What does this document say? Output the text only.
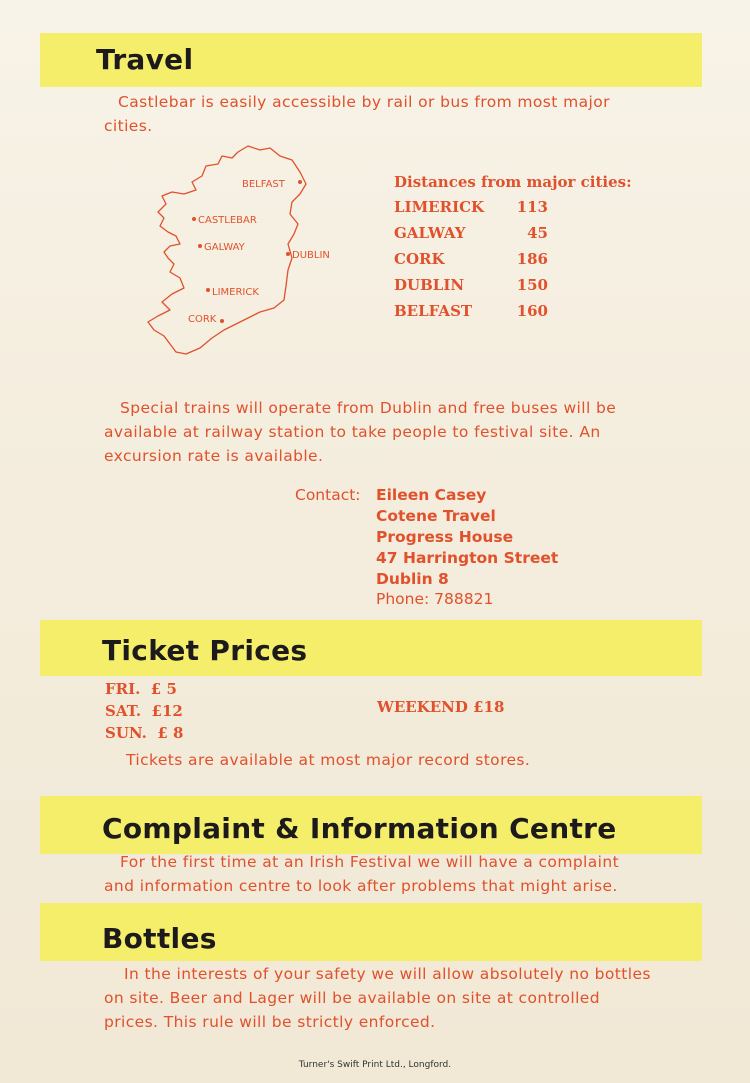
Travel

Castlebar is easily accessible by rail or bus from most major cities.

BELFAST
CASTLEBAR
GALWAY
DUBLIN
LIMERICK
CORK
Distances from major cities:
LIMERICK 113
GALWAY	45
CORK	186
DUBLIN	150
BELFAST	160

Special trains will operate from Dublin and free buses will be available at railway station to take people to festival site. An excursion rate is available.

Contact: Eileen Casey
Cotene Travel
Progress House
47 Harrington Street
Dublin 8
Phone: 788821
Ticket Prices
FRI.  £ 5
SAT.  £12
SUN.  £ 8
WEEKEND £18

Tickets are available at most major record stores.

Complaint & Information Centre

For the first time at an Irish Festival we will have a complaint and information centre to look after problems that might arise.

Bottles

In the interests of your safety we will allow absolutely no bottles on site. Beer and Lager will be available on site at controlled prices. This rule will be strictly enforced.

Turner's Swift Print Ltd., Longford.
